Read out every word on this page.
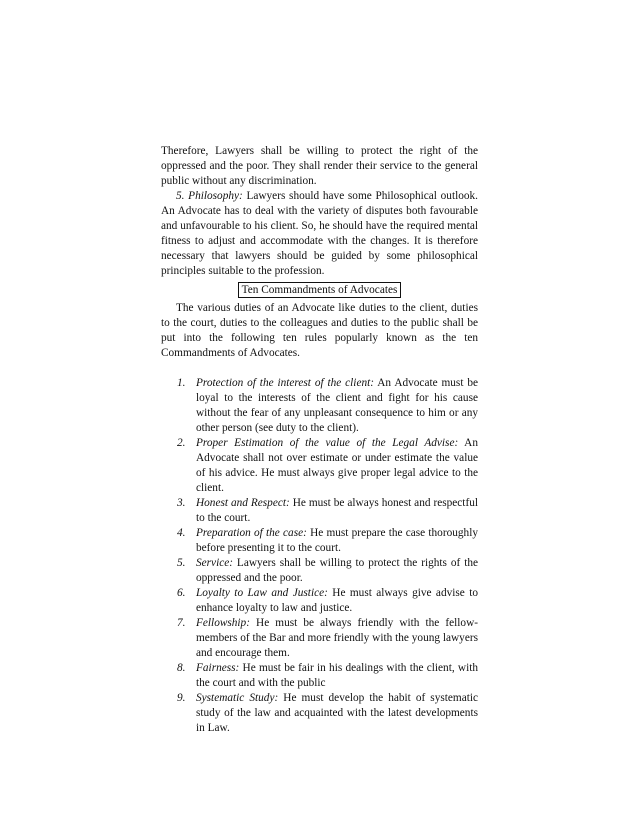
Therefore, Lawyers shall be willing to protect the right of the oppressed and the poor. They shall render their service to the general public without any discrimination.

5. Philosophy: Lawyers should have some Philosophical outlook. An Advocate has to deal with the variety of disputes both favourable and unfavourable to his client. So, he should have the required mental fitness to adjust and accommodate with the changes. It is therefore necessary that lawyers should be guided by some philosophical principles suitable to the profession.

Ten Commandments of Advocates

The various duties of an Advocate like duties to the client, duties to the court, duties to the colleagues and duties to the public shall be put into the following ten rules popularly known as the ten Commandments of Advocates.

1. Protection of the interest of the client: An Advocate must be loyal to the interests of the client and fight for his cause without the fear of any unpleasant consequence to him or any other person (see duty to the client).
2. Proper Estimation of the value of the Legal Advise: An Advocate shall not over estimate or under estimate the value of his advice. He must always give proper legal advice to the client.
3. Honest and Respect: He must be always honest and respectful to the court.
4. Preparation of the case: He must prepare the case thoroughly before presenting it to the court.
5. Service: Lawyers shall be willing to protect the rights of the oppressed and the poor.
6. Loyalty to Law and Justice: He must always give advise to enhance loyalty to law and justice.
7. Fellowship: He must be always friendly with the fellow-members of the Bar and more friendly with the young lawyers and encourage them.
8. Fairness: He must be fair in his dealings with the client, with the court and with the public
9. Systematic Study: He must develop the habit of systematic study of the law and acquainted with the latest developments in Law.
